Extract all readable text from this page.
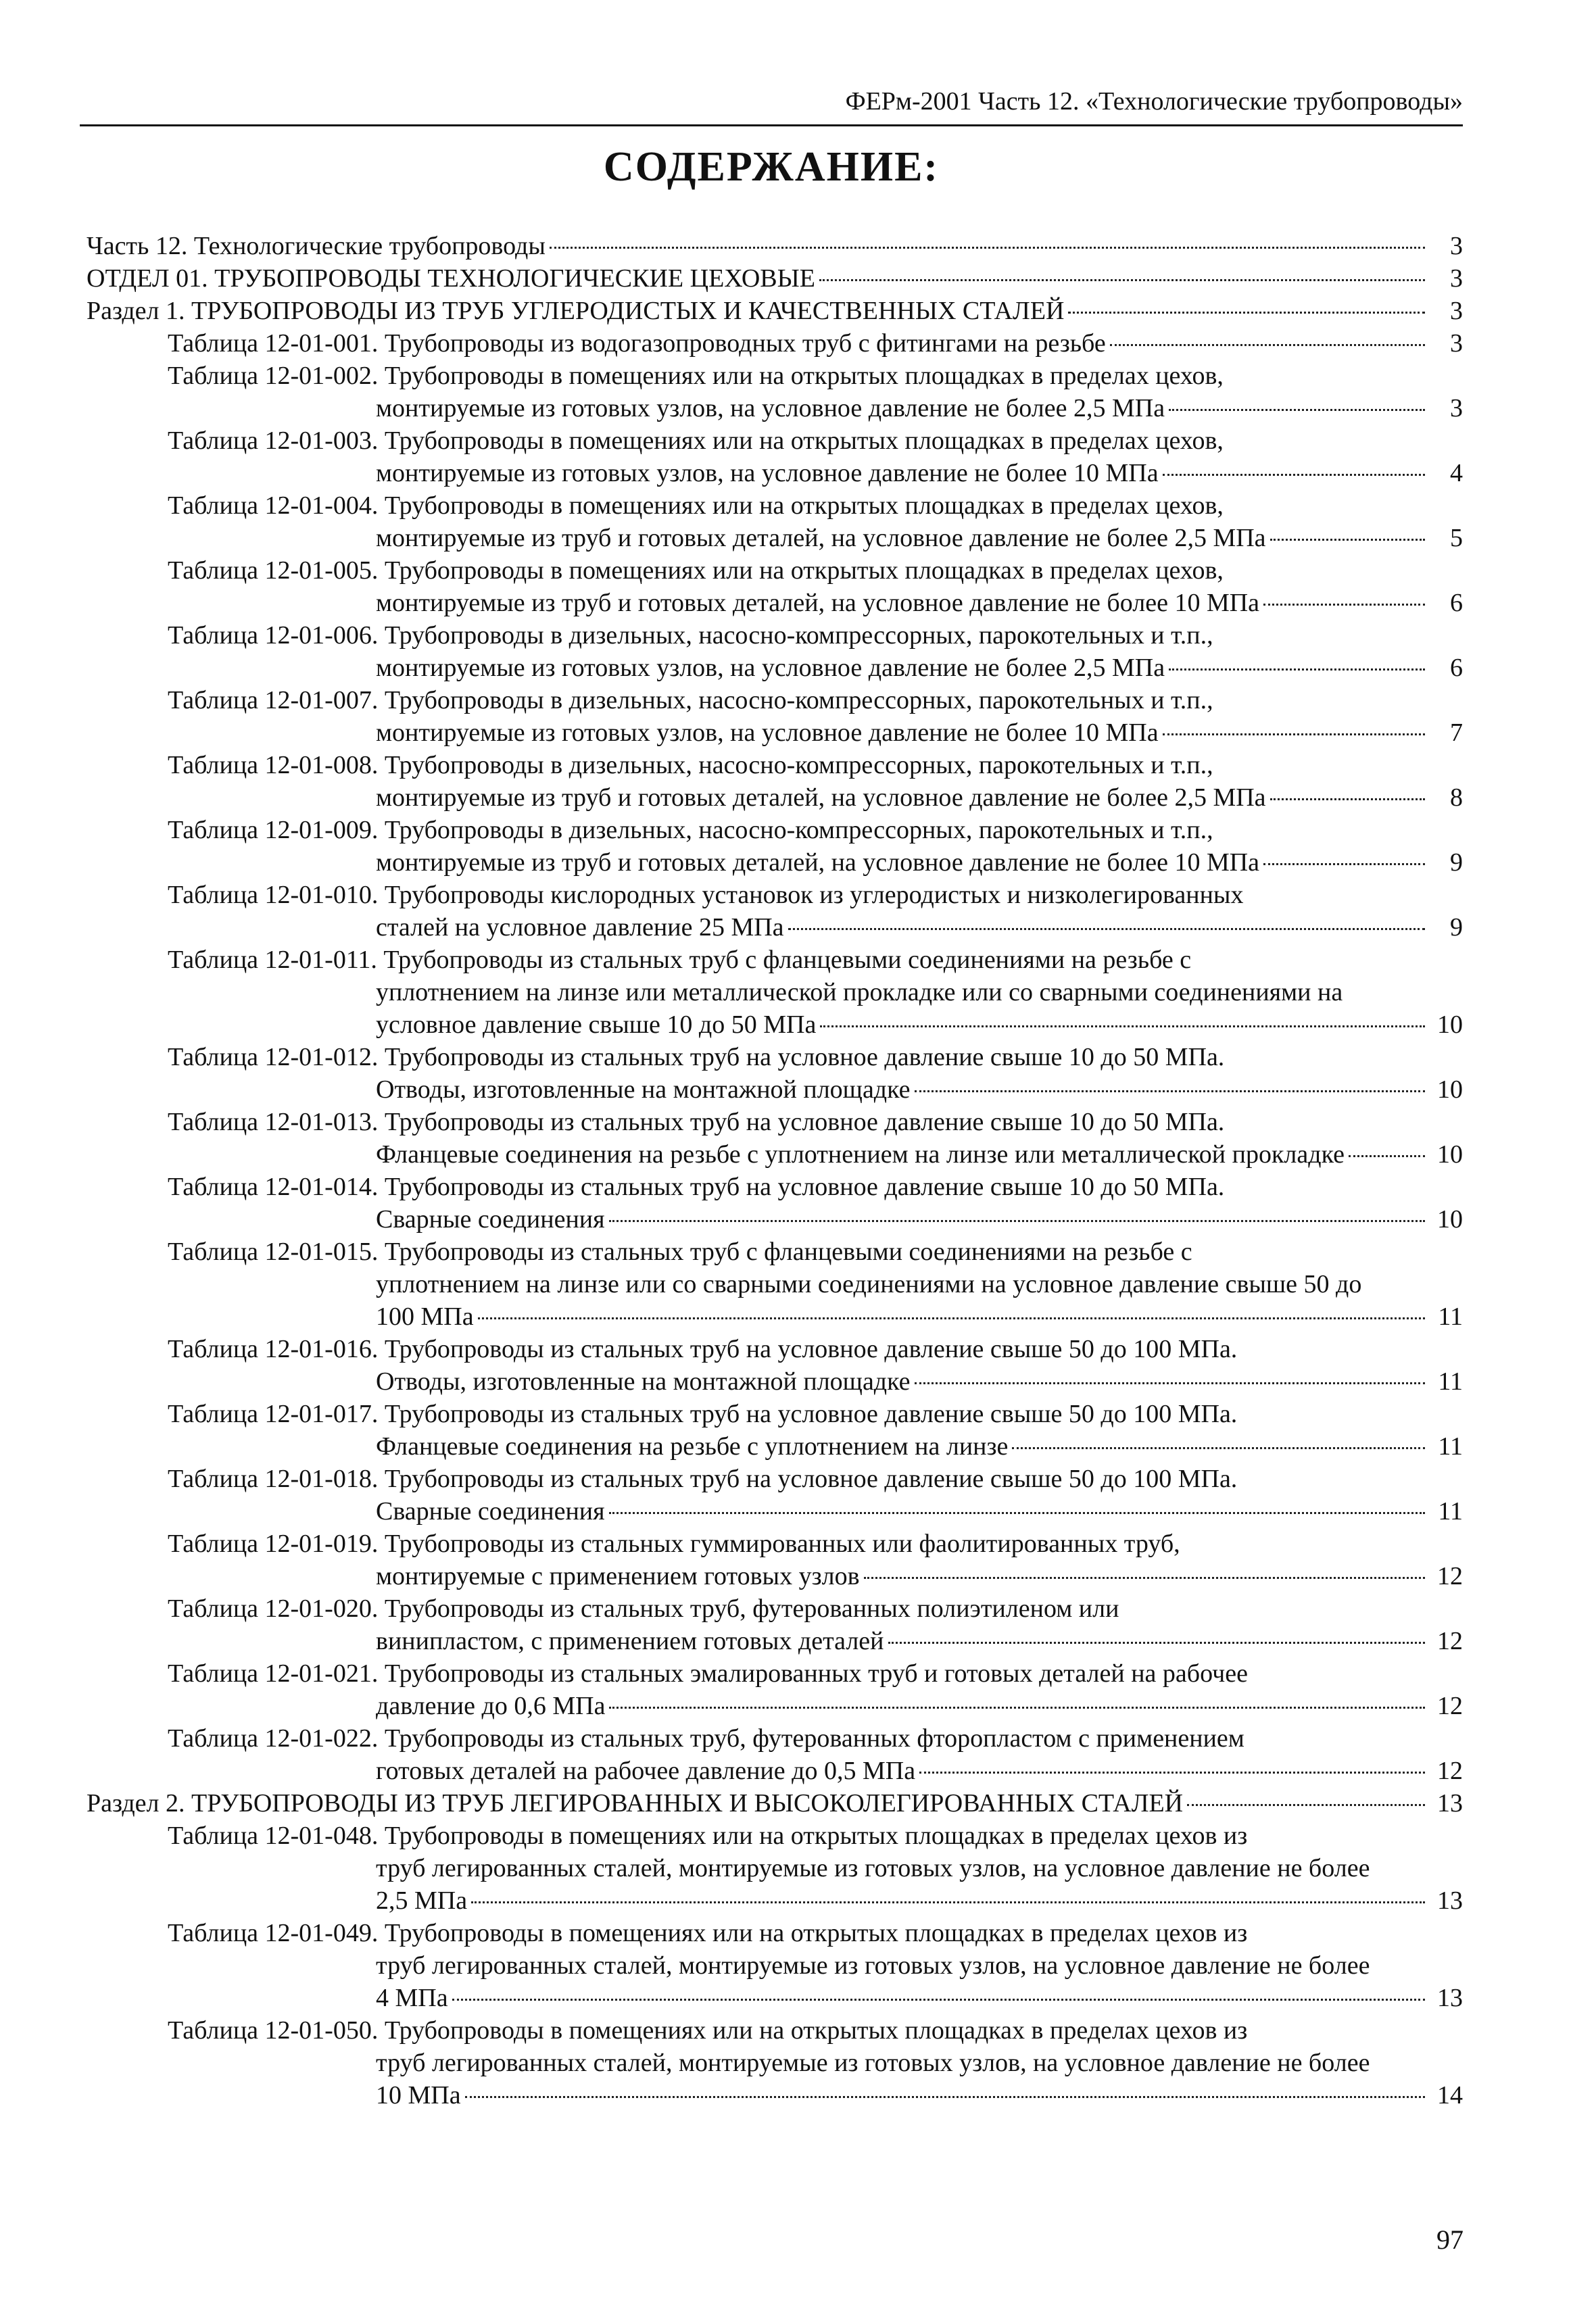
ФЕРм-2001 Часть 12. «Технологические трубопроводы»
СОДЕРЖАНИЕ:
Часть 12. Технологические трубопроводы	3
ОТДЕЛ 01. ТРУБОПРОВОДЫ ТЕХНОЛОГИЧЕСКИЕ ЦЕХОВЫЕ	3
Раздел 1. ТРУБОПРОВОДЫ ИЗ ТРУБ УГЛЕРОДИСТЫХ И КАЧЕСТВЕННЫХ СТАЛЕЙ	3
Таблица 12-01-001. Трубопроводы из водогазопроводных труб с фитингами на резьбе	3
Таблица 12-01-002. Трубопроводы в помещениях или на открытых площадках в пределах цехов,
монтируемые из готовых узлов, на условное давление не более 2,5 МПа	3
Таблица 12-01-003. Трубопроводы в помещениях или на открытых площадках в пределах цехов,
монтируемые из готовых узлов, на условное давление не более 10 МПа	4
Таблица 12-01-004. Трубопроводы в помещениях или на открытых площадках в пределах цехов,
монтируемые из труб и готовых деталей, на условное давление не более 2,5 МПа	5
Таблица 12-01-005. Трубопроводы в помещениях или на открытых площадках в пределах цехов,
монтируемые из труб и готовых деталей, на условное давление не более 10 МПа	6
Таблица 12-01-006. Трубопроводы в дизельных, насосно-компрессорных, парокотельных и т.п.,
монтируемые из готовых узлов, на условное давление не более 2,5 МПа	6
Таблица 12-01-007. Трубопроводы в дизельных, насосно-компрессорных, парокотельных и т.п.,
монтируемые из готовых узлов, на условное давление не более 10 МПа	7
Таблица 12-01-008. Трубопроводы в дизельных, насосно-компрессорных, парокотельных и т.п.,
монтируемые из труб и готовых деталей, на условное давление не более 2,5 МПа	8
Таблица 12-01-009. Трубопроводы в дизельных, насосно-компрессорных, парокотельных и т.п.,
монтируемые из труб и готовых деталей, на условное давление не более 10 МПа	9
Таблица 12-01-010. Трубопроводы кислородных установок из углеродистых и низколегированных
сталей на условное давление 25 МПа	9
Таблица 12-01-011. Трубопроводы из стальных труб с фланцевыми соединениями на резьбе с
уплотнением на линзе или металлической прокладке или со сварными соединениями на
условное давление свыше 10 до 50 МПа	10
Таблица 12-01-012. Трубопроводы из стальных труб на условное давление свыше 10 до 50 МПа.
Отводы, изготовленные на монтажной площадке	10
Таблица 12-01-013. Трубопроводы из стальных труб на условное давление свыше 10 до 50 МПа.
Фланцевые соединения на резьбе с уплотнением на линзе или металлической прокладке	10
Таблица 12-01-014. Трубопроводы из стальных труб на условное давление свыше 10 до 50 МПа.
Сварные соединения	10
Таблица 12-01-015. Трубопроводы из стальных труб с фланцевыми соединениями на резьбе с
уплотнением на линзе или со сварными соединениями на условное давление свыше 50 до
100 МПа	11
Таблица 12-01-016. Трубопроводы из стальных труб на условное давление свыше 50 до 100 МПа.
Отводы, изготовленные на монтажной площадке	11
Таблица 12-01-017. Трубопроводы из стальных труб на условное давление свыше 50 до 100 МПа.
Фланцевые соединения на резьбе с уплотнением на линзе	11
Таблица 12-01-018. Трубопроводы из стальных труб на условное давление свыше 50 до 100 МПа.
Сварные соединения	11
Таблица 12-01-019. Трубопроводы из стальных гуммированных или фаолитированных труб,
монтируемые с применением готовых узлов	12
Таблица 12-01-020. Трубопроводы из стальных труб, футерованных полиэтиленом или
винипластом, с применением готовых деталей	12
Таблица 12-01-021. Трубопроводы из стальных эмалированных труб и готовых деталей на рабочее
давление до 0,6 МПа	12
Таблица 12-01-022. Трубопроводы из стальных труб, футерованных фторопластом с применением
готовых деталей на рабочее давление до 0,5 МПа	12
Раздел 2. ТРУБОПРОВОДЫ ИЗ ТРУБ ЛЕГИРОВАННЫХ И ВЫСОКОЛЕГИРОВАННЫХ СТАЛЕЙ	13
Таблица 12-01-048. Трубопроводы в помещениях или на открытых площадках в пределах цехов из
труб легированных сталей, монтируемые из готовых узлов, на условное давление не более
2,5 МПа	13
Таблица 12-01-049. Трубопроводы в помещениях или на открытых площадках в пределах цехов из
труб легированных сталей, монтируемые из готовых узлов, на условное давление не более
4 МПа	13
Таблица 12-01-050. Трубопроводы в помещениях или на открытых площадках в пределах цехов из
труб легированных сталей, монтируемые из готовых узлов, на условное давление не более
10 МПа	14
97
